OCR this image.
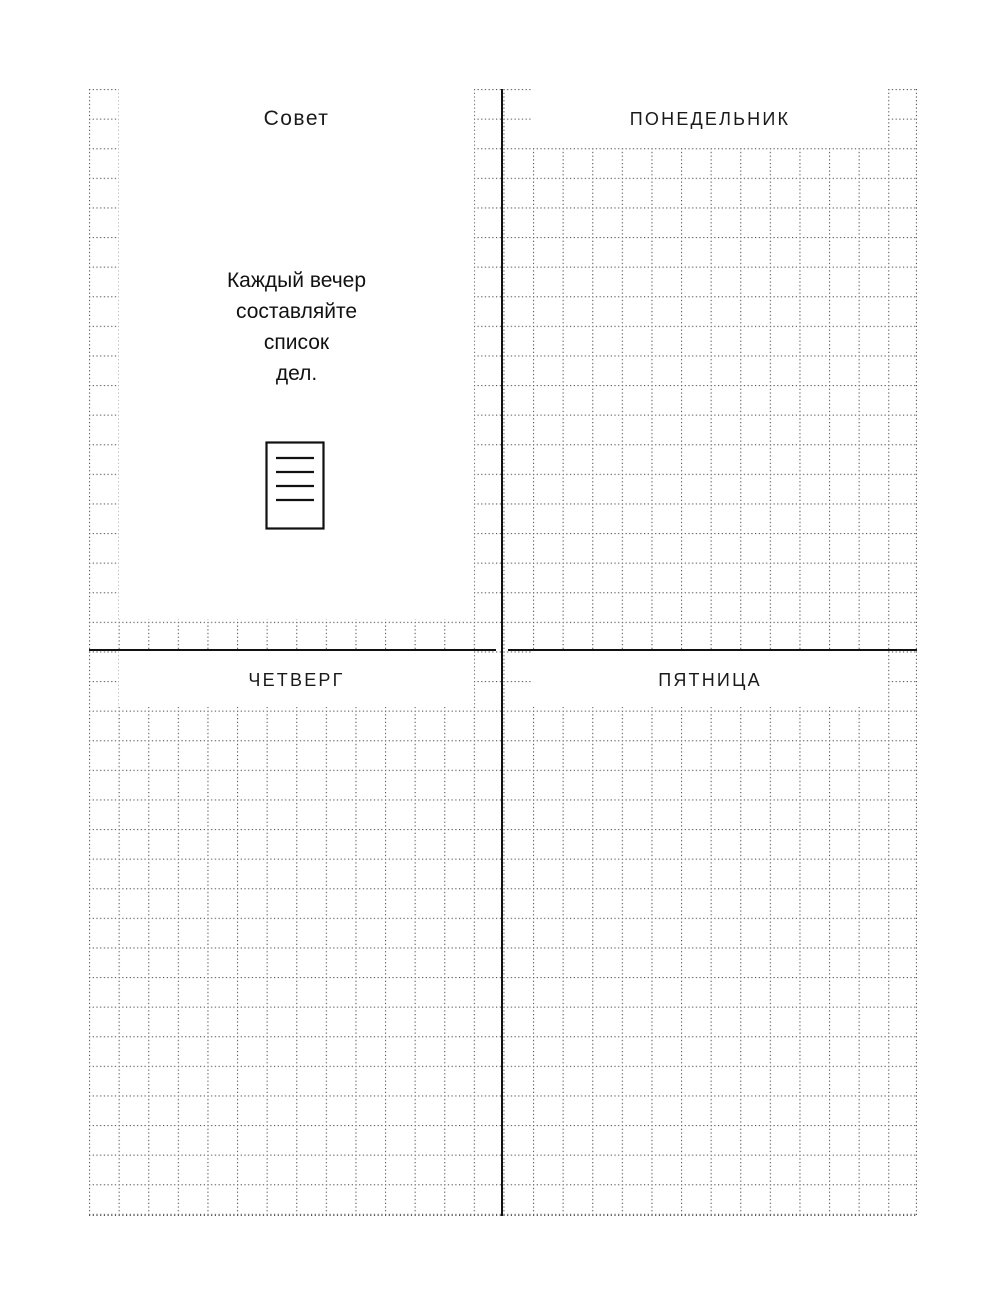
Совет
Каждый вечер
составляйте
список
дел.
ПОНЕДЕЛЬНИК
ЧЕТВЕРГ	ПЯТНИЦА
